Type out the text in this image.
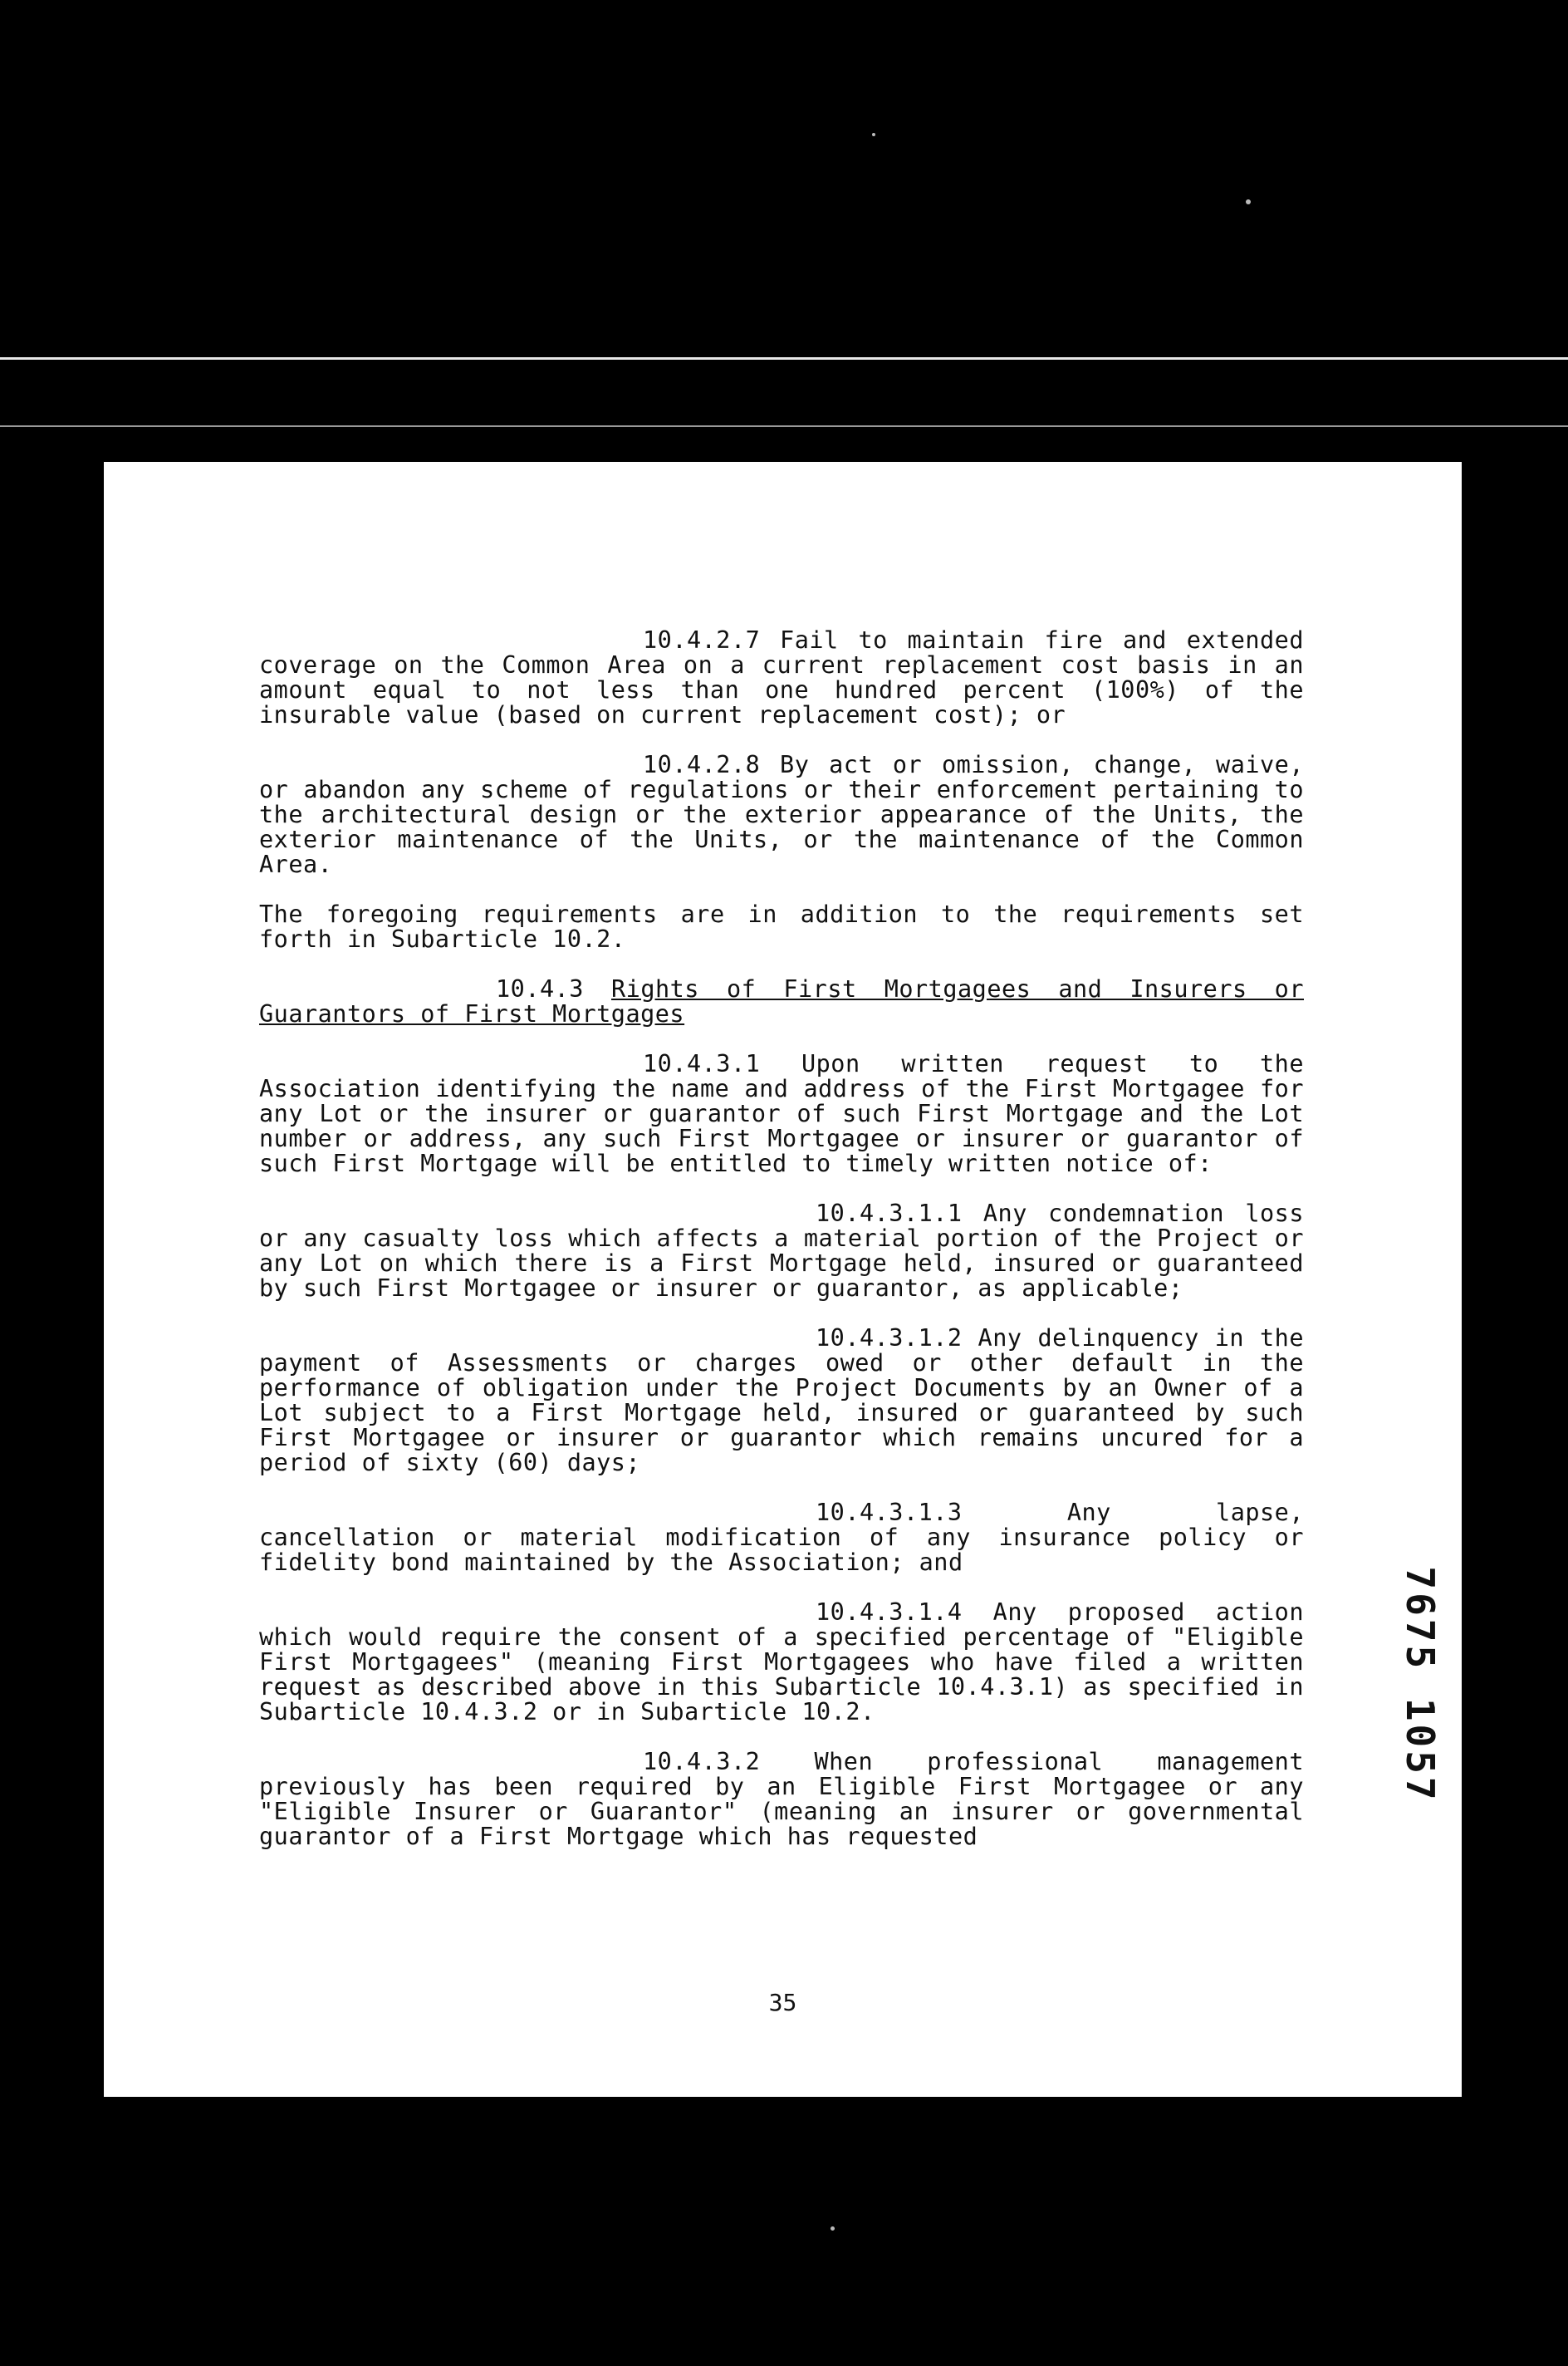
10.4.2.7 Fail to maintain fire and extended coverage on the Common Area on a current replacement cost basis in an amount equal to not less than one hundred percent (100%) of the insurable value (based on current replacement cost); or
10.4.2.8 By act or omission, change, waive, or abandon any scheme of regulations or their enforcement pertaining to the architectural design or the exterior appearance of the Units, the exterior maintenance of the Units, or the maintenance of the Common Area.
The foregoing requirements are in addition to the requirements set forth in Subarticle 10.2.
10.4.3 Rights of First Mortgagees and Insurers or Guarantors of First Mortgages
10.4.3.1 Upon written request to the Association identifying the name and address of the First Mortgagee for any Lot or the insurer or guarantor of such First Mortgage and the Lot number or address, any such First Mortgagee or insurer or guarantor of such First Mortgage will be entitled to timely written notice of:
10.4.3.1.1 Any condemnation loss or any casualty loss which affects a material portion of the Project or any Lot on which there is a First Mortgage held, insured or guaranteed by such First Mortgagee or insurer or guarantor, as applicable;
10.4.3.1.2 Any delinquency in the payment of Assessments or charges owed or other default in the performance of obligation under the Project Documents by an Owner of a Lot subject to a First Mortgage held, insured or guaranteed by such First Mortgagee or insurer or guarantor which remains uncured for a period of sixty (60) days;
10.4.3.1.3 Any lapse, cancellation or material modification of any insurance policy or fidelity bond maintained by the Association; and
10.4.3.1.4 Any proposed action which would require the consent of a specified percentage of "Eligible First Mortgagees" (meaning First Mortgagees who have filed a written request as described above in this Subarticle 10.4.3.1) as specified in Subarticle 10.4.3.2 or in Subarticle 10.2.
10.4.3.2 When professional management previously has been required by an Eligible First Mortgagee or any "Eligible Insurer or Guarantor" (meaning an insurer or governmental guarantor of a First Mortgage which has requested
35
7675 1057
